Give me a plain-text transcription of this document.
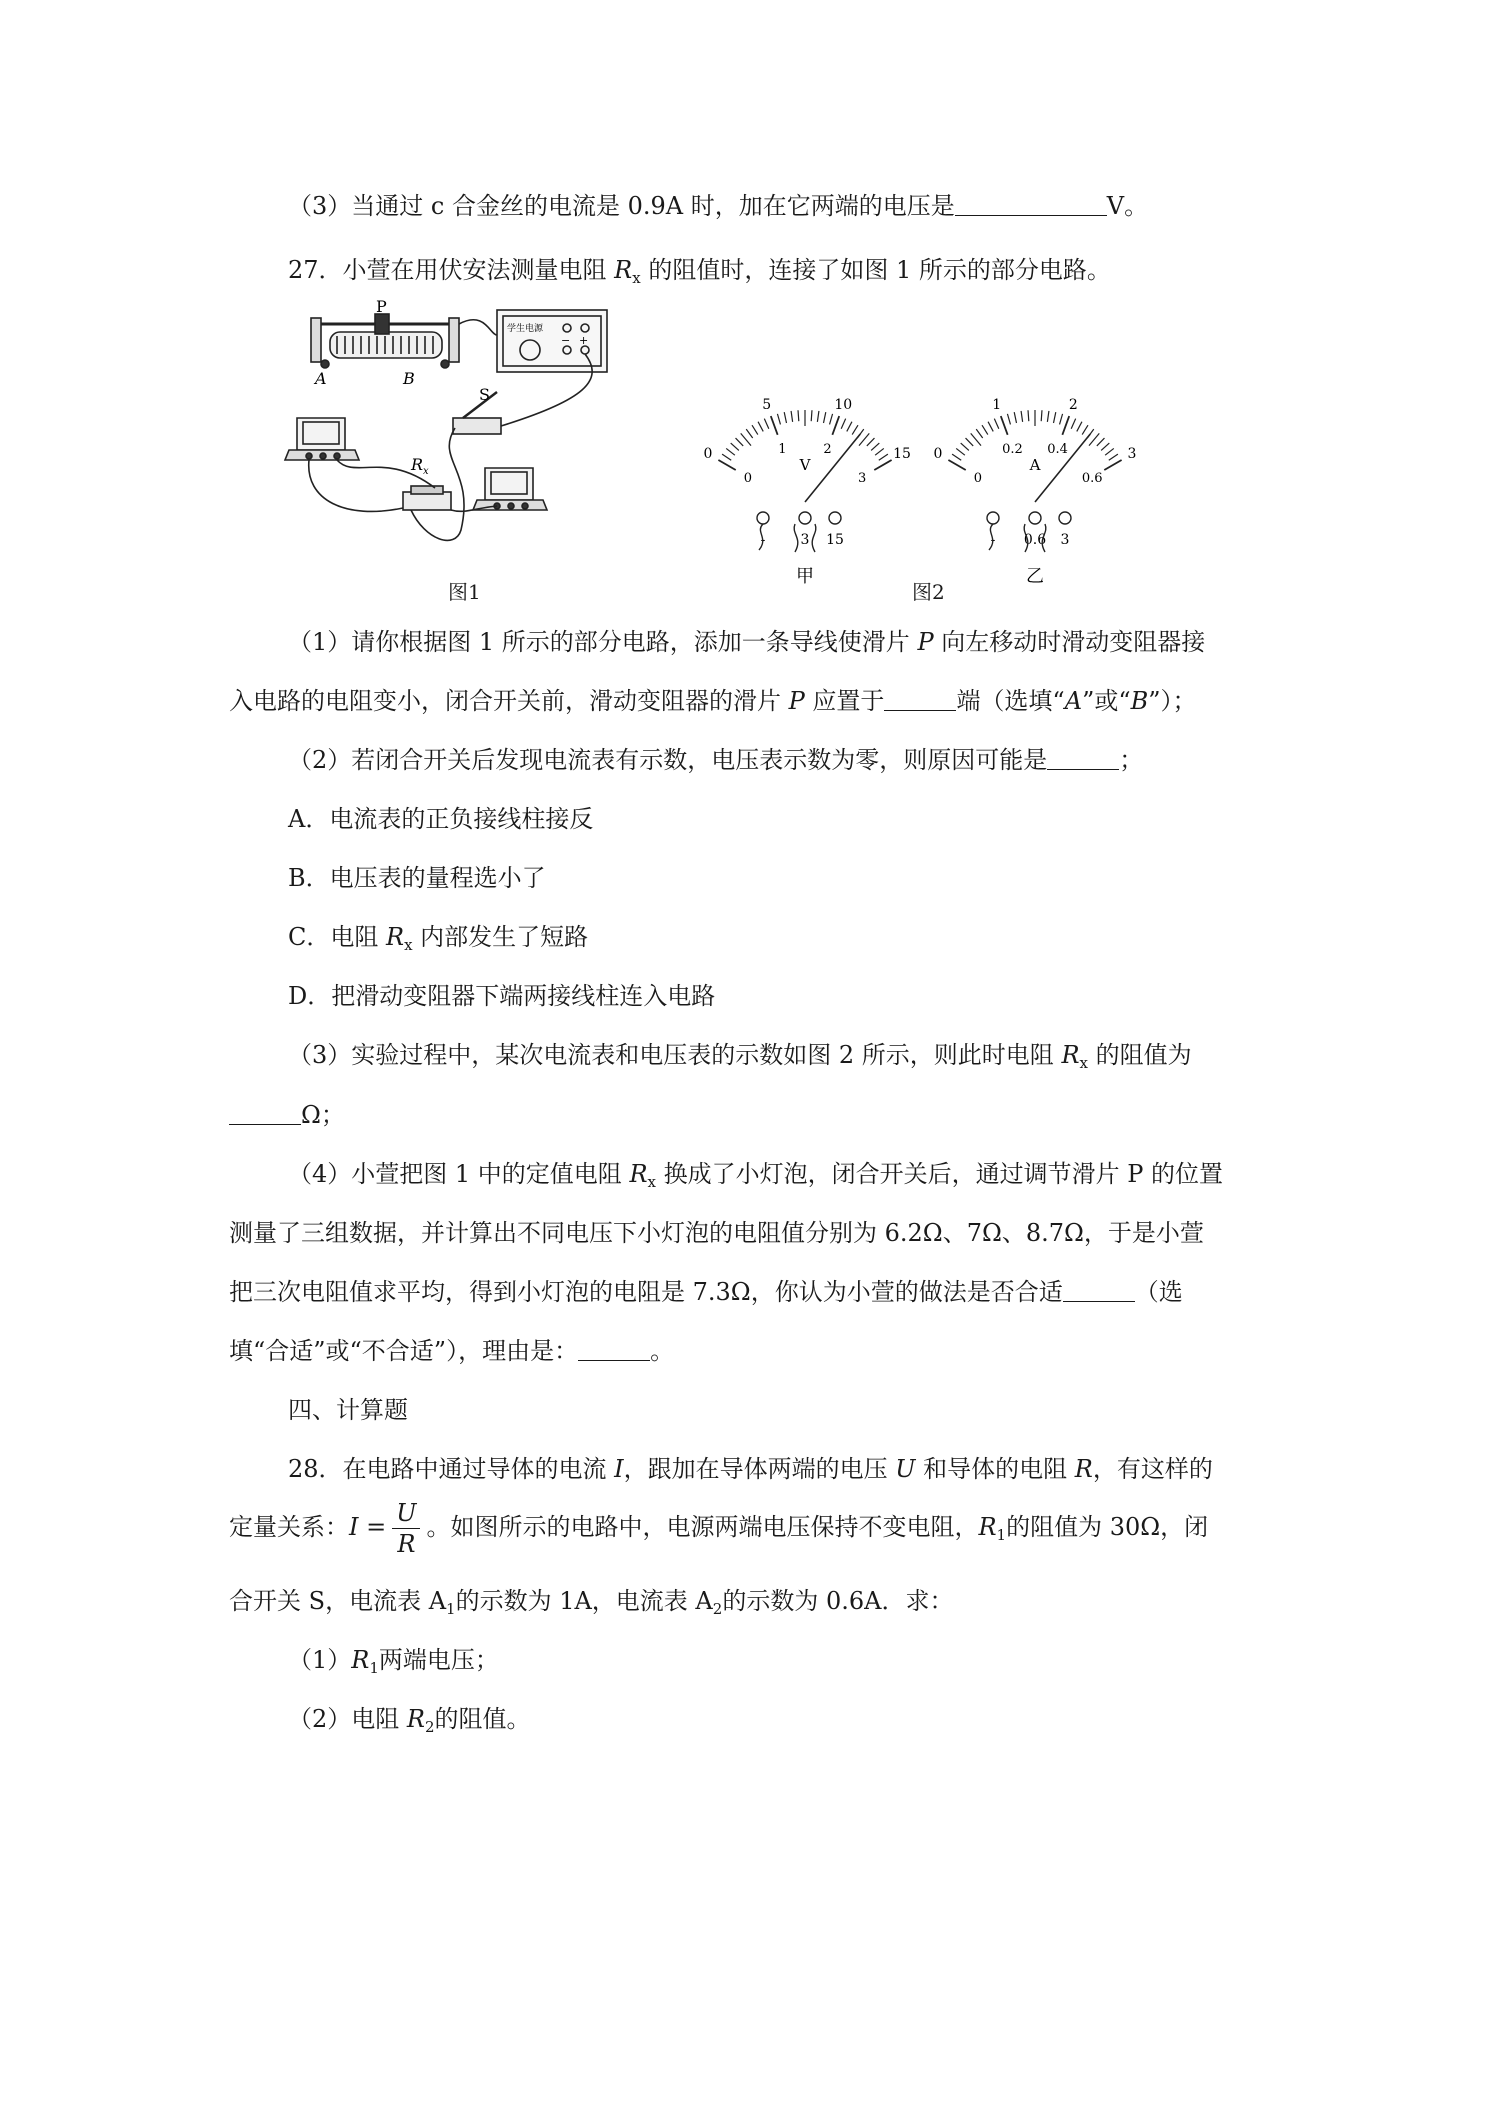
（3）当通过 c 合金丝的电流是 0.9A 时，加在它两端的电压是	V。
27．小萱在用伏安法测量电阻 $R_x$ 的阻值时，连接了如图 1 所示的部分电路。
P
A	B
学生电源
− +
S
$R_x$
图1
0
5	10
15
0
1	2
3
V
-	3 15
甲
0
1	2
3
0
0.2 0.4
0.6
A
- 0.6 3
乙
图2
（1）请你根据图 1 所示的部分电路，添加一条导线使滑片 P 向左移动时滑动变阻器接
入电路的电阻变小，闭合开关前，滑动变阻器的滑片 P 应置于	端（选填“A”或“B”）；
（2）若闭合开关后发现电流表有示数，电压表示数为零，则原因可能是	；
A．电流表的正负接线柱接反
B．电压表的量程选小了
C．电阻 $R_x$ 内部发生了短路
D．把滑动变阻器下端两接线柱连入电路
（3）实验过程中，某次电流表和电压表的示数如图 2 所示，则此时电阻 $R_x$ 的阻值为
Ω；
（4）小萱把图 1 中的定值电阻 $R_x$ 换成了小灯泡，闭合开关后，通过调节滑片 P 的位置
测量了三组数据，并计算出不同电压下小灯泡的电阻值分别为 6.2Ω、7Ω、8.7Ω，于是小萱
把三次电阻值求平均，得到小灯泡的电阻是 7.3Ω，你认为小萱的做法是否合适	（选
填“合适”或“不合适”），理由是：	。
四、计算题
28．在电路中通过导体的电流 I，跟加在导体两端的电压 U 和导体的电阻 R，有这样的
定量关系：$I = \frac{U}{R}$ 。如图所示的电路中，电源两端电压保持不变电阻，$R_1$的阻值为 30Ω，闭
合开关 S，电流表 $A_1$的示数为 1A，电流表 $A_2$的示数为 0.6A．求：
$(1)R_1$两端电压；
（2）电阻 $R_2$的阻值。
